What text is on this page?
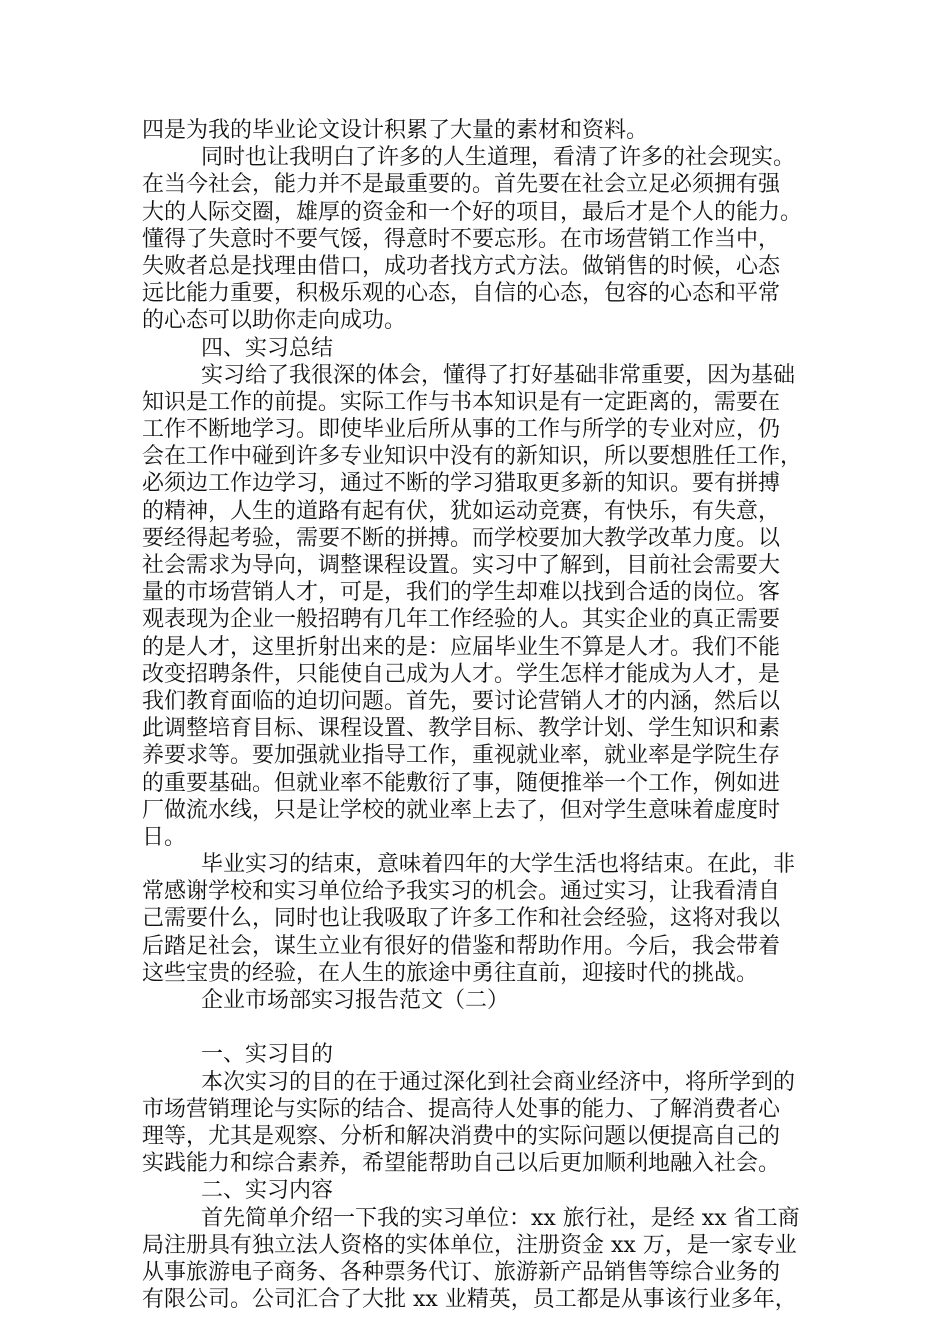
四是为我的毕业论文设计积累了大量的素材和资料。
同时也让我明白了许多的人生道理，看清了许多的社会现实。
在当今社会，能力并不是最重要的。首先要在社会立足必须拥有强
大的人际交圈，雄厚的资金和一个好的项目，最后才是个人的能力。
懂得了失意时不要气馁，得意时不要忘形。在市场营销工作当中，
失败者总是找理由借口，成功者找方式方法。做销售的时候，心态
远比能力重要，积极乐观的心态，自信的心态，包容的心态和平常
的心态可以助你走向成功。
四、实习总结
实习给了我很深的体会，懂得了打好基础非常重要，因为基础
知识是工作的前提。实际工作与书本知识是有一定距离的，需要在
工作不断地学习。即使毕业后所从事的工作与所学的专业对应，仍
会在工作中碰到许多专业知识中没有的新知识，所以要想胜任工作，
必须边工作边学习，通过不断的学习猎取更多新的知识。要有拼搏
的精神，人生的道路有起有伏，犹如运动竞赛，有快乐，有失意，
要经得起考验，需要不断的拼搏。而学校要加大教学改革力度。以
社会需求为导向，调整课程设置。实习中了解到，目前社会需要大
量的市场营销人才，可是，我们的学生却难以找到合适的岗位。客
观表现为企业一般招聘有几年工作经验的人。其实企业的真正需要
的是人才，这里折射出来的是：应届毕业生不算是人才。我们不能
改变招聘条件，只能使自己成为人才。学生怎样才能成为人才，是
我们教育面临的迫切问题。首先，要讨论营销人才的内涵，然后以
此调整培育目标、课程设置、教学目标、教学计划、学生知识和素
养要求等。要加强就业指导工作，重视就业率，就业率是学院生存
的重要基础。但就业率不能敷衍了事，随便推举一个工作，例如进
厂做流水线，只是让学校的就业率上去了，但对学生意味着虚度时
日。
毕业实习的结束，意味着四年的大学生活也将结束。在此，非
常感谢学校和实习单位给予我实习的机会。通过实习，让我看清自
己需要什么，同时也让我吸取了许多工作和社会经验，这将对我以
后踏足社会，谋生立业有很好的借鉴和帮助作用。今后，我会带着
这些宝贵的经验，在人生的旅途中勇往直前，迎接时代的挑战。
企业市场部实习报告范文（二）
一、实习目的
本次实习的目的在于通过深化到社会商业经济中，将所学到的
市场营销理论与实际的结合、提高待人处事的能力、了解消费者心
理等，尤其是观察、分析和解决消费中的实际问题以便提高自己的
实践能力和综合素养，希望能帮助自己以后更加顺利地融入社会。
二、实习内容
首先简单介绍一下我的实习单位：xx 旅行社，是经 xx 省工商
局注册具有独立法人资格的实体单位，注册资金 xx 万，是一家专业
从事旅游电子商务、各种票务代订、旅游新产品销售等综合业务的
有限公司。公司汇合了大批 xx 业精英，员工都是从事该行业多年，
